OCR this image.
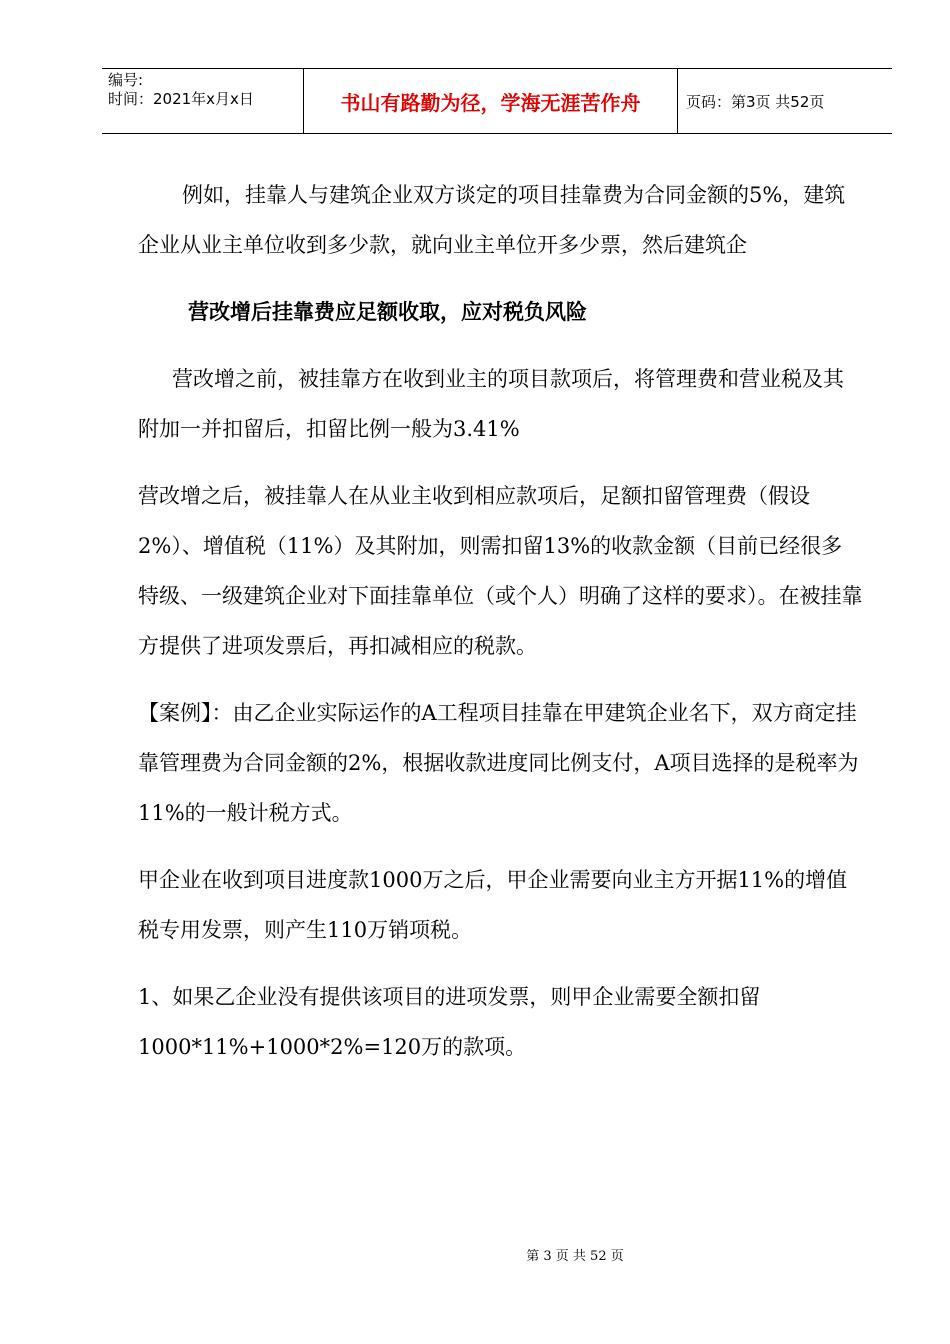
编号:
时间：2021年x月x日	书山有路勤为径，学海无涯苦作舟	页码：第3页 共52页

例如，挂靠人与建筑企业双方谈定的项目挂靠费为合同金额的5%，建筑企业从业主单位收到多少款，就向业主单位开多少票，然后建筑企

营改增后挂靠费应足额收取，应对税负风险

营改增之前，被挂靠方在收到业主的项目款项后，将管理费和营业税及其附加一并扣留后，扣留比例一般为3.41%

营改增之后，被挂靠人在从业主收到相应款项后，足额扣留管理费（假设2%）、增值税（11%）及其附加，则需扣留13%的收款金额（目前已经很多特级、一级建筑企业对下面挂靠单位（或个人）明确了这样的要求）。在被挂靠方提供了进项发票后，再扣减相应的税款。

【案例】：由乙企业实际运作的A工程项目挂靠在甲建筑企业名下，双方商定挂靠管理费为合同金额的2%，根据收款进度同比例支付，A项目选择的是税率为11%的一般计税方式。

甲企业在收到项目进度款1000万之后，甲企业需要向业主方开据11%的增值税专用发票，则产生110万销项税。

1、如果乙企业没有提供该项目的进项发票，则甲企业需要全额扣留1000*11%+1000*2%=120万的款项。

第 3 页 共 52 页
